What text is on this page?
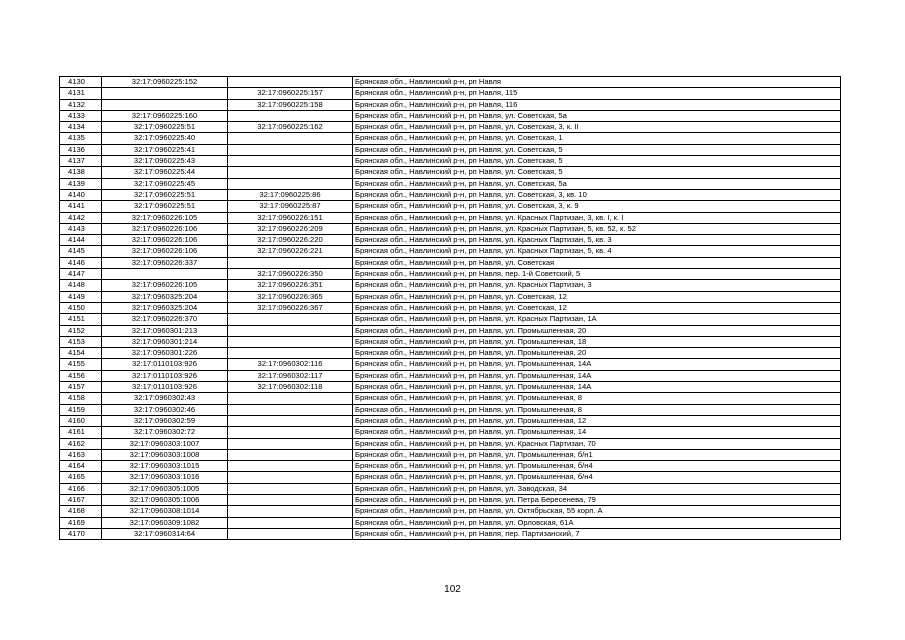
4130	32:17:0960225:152		Брянская обл., Навлинский р-н, рп Навля
4131		32:17:0960225:157	Брянская обл., Навлинский р-н, рп Навля, 115
4132		32:17:0960225:158	Брянская обл., Навлинский р-н, рп Навля, 116
4133	32:17:0960225:160		Брянская обл., Навлинский р-н, рп Навля, ул. Советская, 5а
4134	32:17:0960225:51	32:17:0960225:162	Брянская обл., Навлинский р-н, рп Навля, ул. Советская, 3, к. II
4135	32:17:0960225:40		Брянская обл., Навлинский р-н, рп Навля, ул. Советская, 1
4136	32:17:0960225:41		Брянская обл., Навлинский р-н, рп Навля, ул. Советская, 5
4137	32:17:0960225:43		Брянская обл., Навлинский р-н, рп Навля, ул. Советская, 5
4138	32:17:0960225:44		Брянская обл., Навлинский р-н, рп Навля, ул. Советская, 5
4139	32:17:0960225:45		Брянская обл., Навлинский р-н, рп Навля, ул. Советская, 5а
4140	32:17:0960225:51	32:17:0960225:86	Брянская обл., Навлинский р-н, рп Навля, ул. Советская, 3, кв. 10
4141	32:17:0960225:51	32:17:0960225:87	Брянская обл., Навлинский р-н, рп Навля, ул. Советская, 3, к. 9
4142	32:17:0960226:105	32:17:0960226:151	Брянская обл., Навлинский р-н, рп Навля, ул. Красных Партизан, 3, кв. I, к. I
4143	32:17:0960226:106	32:17:0960226:209	Брянская обл., Навлинский р-н, рп Навля, ул. Красных Партизан, 5, кв. 52, к. 52
4144	32:17:0960226:106	32:17:0960226:220	Брянская обл., Навлинский р-н, рп Навля, ул. Красных Партизан, 5, кв. 3
4145	32:17:0960226:106	32:17:0960226:221	Брянская обл., Навлинский р-н, рп Навля, ул. Красных Партизан, 5, кв. 4
4146	32:17:0960226:337		Брянская обл., Навлинский р-н, рп Навля, ул. Советская
4147		32:17:0960226:350	Брянская обл., Навлинский р-н, рп Навля, пер. 1-й Советский, 5
4148	32:17:0960226:105	32:17:0960226:351	Брянская обл., Навлинский р-н, рп Навля, ул. Красных Партизан, 3
4149	32:17:0960325:204	32:17:0960226:365	Брянская обл., Навлинский р-н, рп Навля, ул. Советская, 12
4150	32:17:0960325:204	32:17:0960226:367	Брянская обл., Навлинский р-н, рп Навля, ул. Советская, 12
4151	32:17:0960226:370		Брянская обл., Навлинский р-н, рп Навля, ул. Красных Партизан, 1А
4152	32:17:0960301:213		Брянская обл., Навлинский р-н, рп Навля, ул. Промышленная, 20
4153	32:17:0960301:214		Брянская обл., Навлинский р-н, рп Навля, ул. Промышленная, 18
4154	32:17:0960301:226		Брянская обл., Навлинский р-н, рп Навля, ул. Промышленная, 20
4155	32:17:0110103:926	32:17:0960302:116	Брянская обл., Навлинский р-н, рп Навля, ул. Промышленная, 14А
4156	32:17:0110103:926	32:17:0960302:117	Брянская обл., Навлинский р-н, рп Навля, ул. Промышленная, 14А
4157	32:17:0110103:926	32:17:0960302:118	Брянская обл., Навлинский р-н, рп Навля, ул. Промышленная, 14А
4158	32:17:0960302:43		Брянская обл., Навлинский р-н, рп Навля, ул. Промышленная, 8
4159	32:17:0960302:46		Брянская обл., Навлинский р-н, рп Навля, ул. Промышленная, 8
4160	32:17:0960302:59		Брянская обл., Навлинский р-н, рп Навля, ул. Промышленная, 12
4161	32:17:0960302:72		Брянская обл., Навлинский р-н, рп Навля, ул. Промышленная, 14
4162	32:17:0960303:1007		Брянская обл., Навлинский р-н, рп Навля, ул. Красных Партизан, 70
4163	32:17:0960303:1008		Брянская обл., Навлинский р-н, рп Навля, ул. Промышленная, б/н1
4164	32:17:0960303:1015		Брянская обл., Навлинский р-н, рп Навля, ул. Промышленная, б/н4
4165	32:17:0960303:1016		Брянская обл., Навлинский р-н, рп Навля, ул. Промышленная, б/н4
4166	32:17:0960305:1005		Брянская обл., Навлинский р-н, рп Навля, ул. Заводская, 34
4167	32:17:0960305:1006		Брянская обл., Навлинский р-н, рп Навля, ул. Петра Бересенева, 79
4168	32:17:0960308:1014		Брянская обл., Навлинский р-н, рп Навля, ул. Октябрьская, 55 корп. А
4169	32:17:0960309:1082		Брянская обл., Навлинский р-н, рп Навля, ул. Орловская, 61А
4170	32:17:0960314:64		Брянская обл., Навлинский р-н, рп Навля, пер. Партизанский, 7
102
